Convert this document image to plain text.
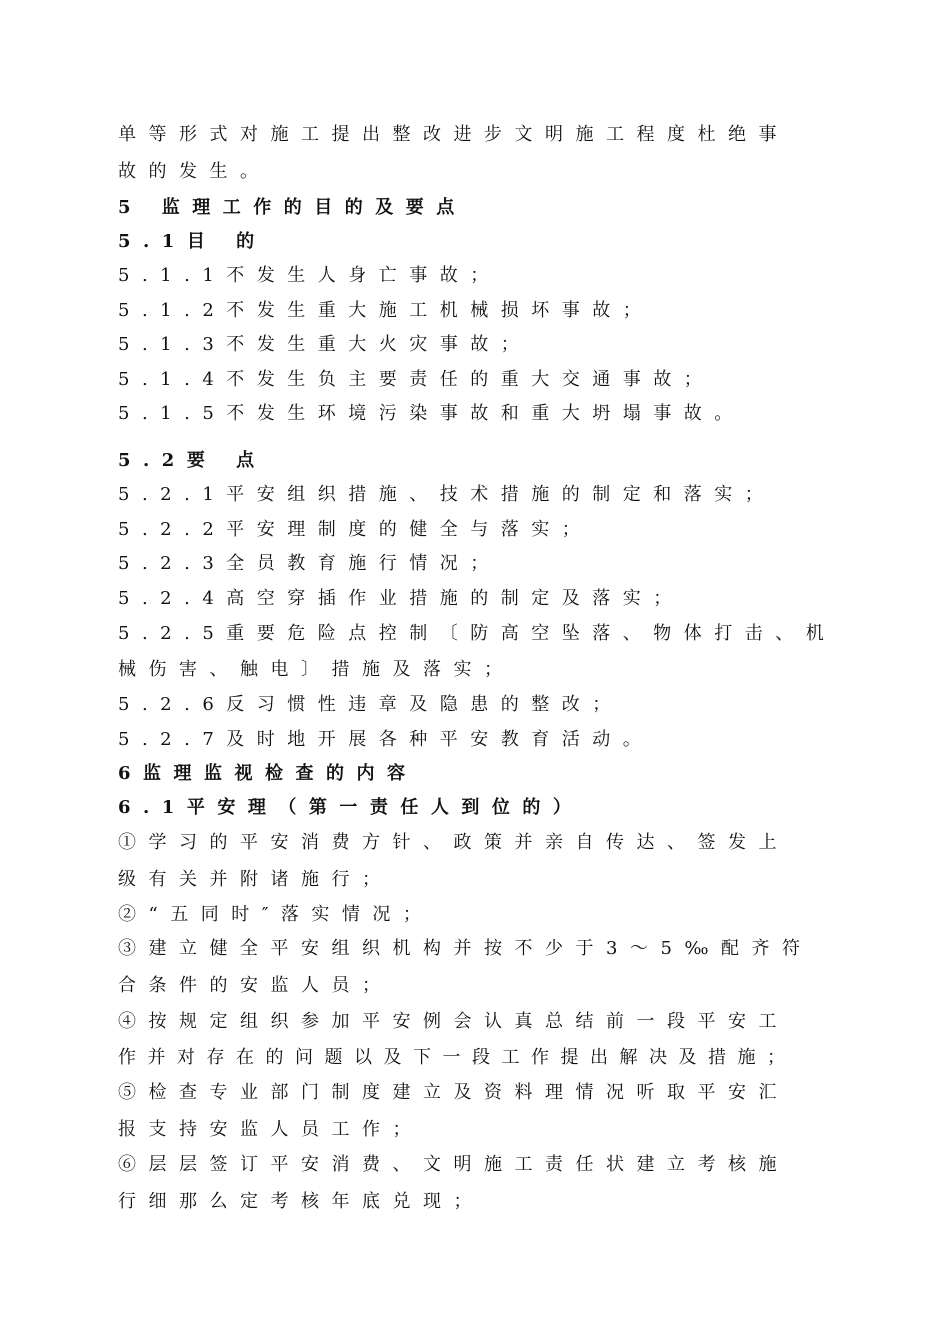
单等形式对施工提出整改进步文明施工程度杜绝事
故的发生。
5 监理工作的目的及要点
5.1目 的
5.1.1不发生人身亡事故；
5.1.2不发生重大施工机械损坏事故；
5.1.3不发生重大火灾事故；
5.1.4不发生负主要责任的重大交通事故；
5.1.5不发生环境污染事故和重大坍塌事故。
5.2要 点
5.2.1平安组织措施、技术措施的制定和落实；
5.2.2平安理制度的健全与落实；
5.2.3全员教育施行情况；
5.2.4高空穿插作业措施的制定及落实；
5.2.5重要危险点控制〔防高空坠落、物体打击、机
械伤害、触电〕措施及落实；
5.2.6反习惯性违章及隐患的整改；
5.2.7及时地开展各种平安教育活动。
6监理监视检查的内容
6.1平安理（第一责任人到位的）
①学习的平安消费方针、政策并亲自传达、签发上
级有关并附诸施行；
②“五同时″落实情况；
③建立健全平安组织机构并按不少于3～5‰配齐符
合条件的安监人员；
④按规定组织参加平安例会认真总结前一段平安工
作并对存在的问题以及下一段工作提出解决及措施；
⑤检查专业部门制度建立及资料理情况听取平安汇
报支持安监人员工作；
⑥层层签订平安消费、文明施工责任状建立考核施
行细那么定考核年底兑现；
